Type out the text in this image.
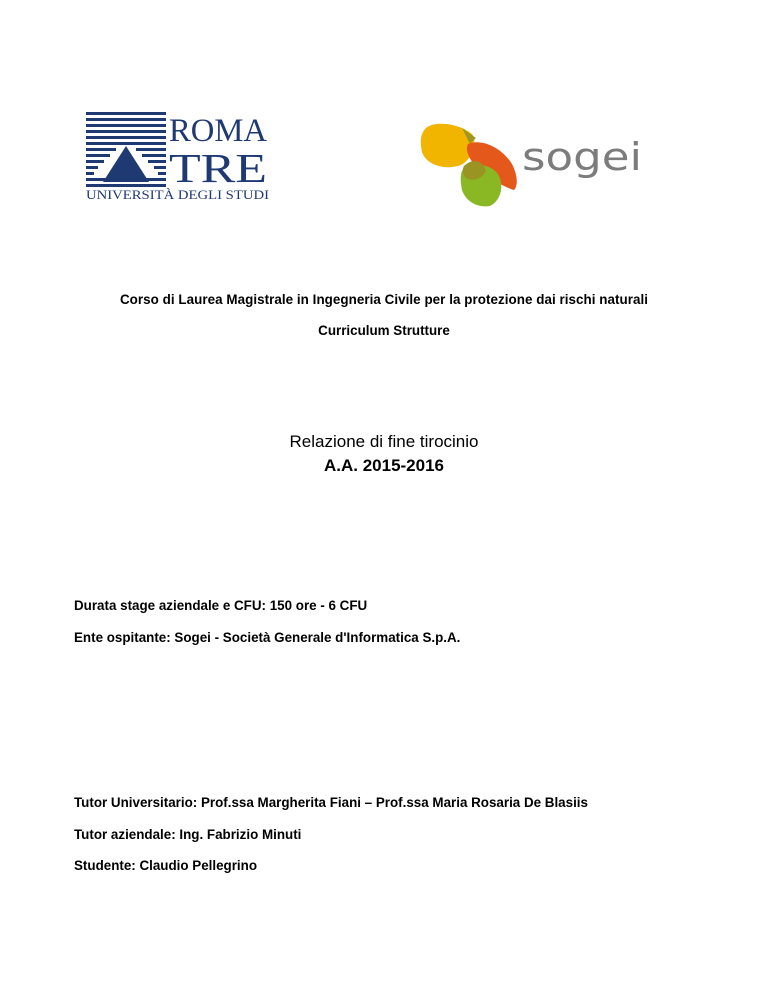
ROMA
TRE
UNIVERSITÀ DEGLI STUDI
sogei
Corso di Laurea Magistrale in Ingegneria Civile per la protezione dai rischi naturali
Curriculum Strutture
Relazione di fine tirocinio
A.A. 2015-2016
Durata stage aziendale e CFU: 150 ore - 6 CFU
Ente ospitante: Sogei - Società Generale d'Informatica S.p.A.
Tutor Universitario: Prof.ssa Margherita Fiani – Prof.ssa Maria Rosaria De Blasiis
Tutor aziendale: Ing. Fabrizio Minuti
Studente: Claudio Pellegrino
